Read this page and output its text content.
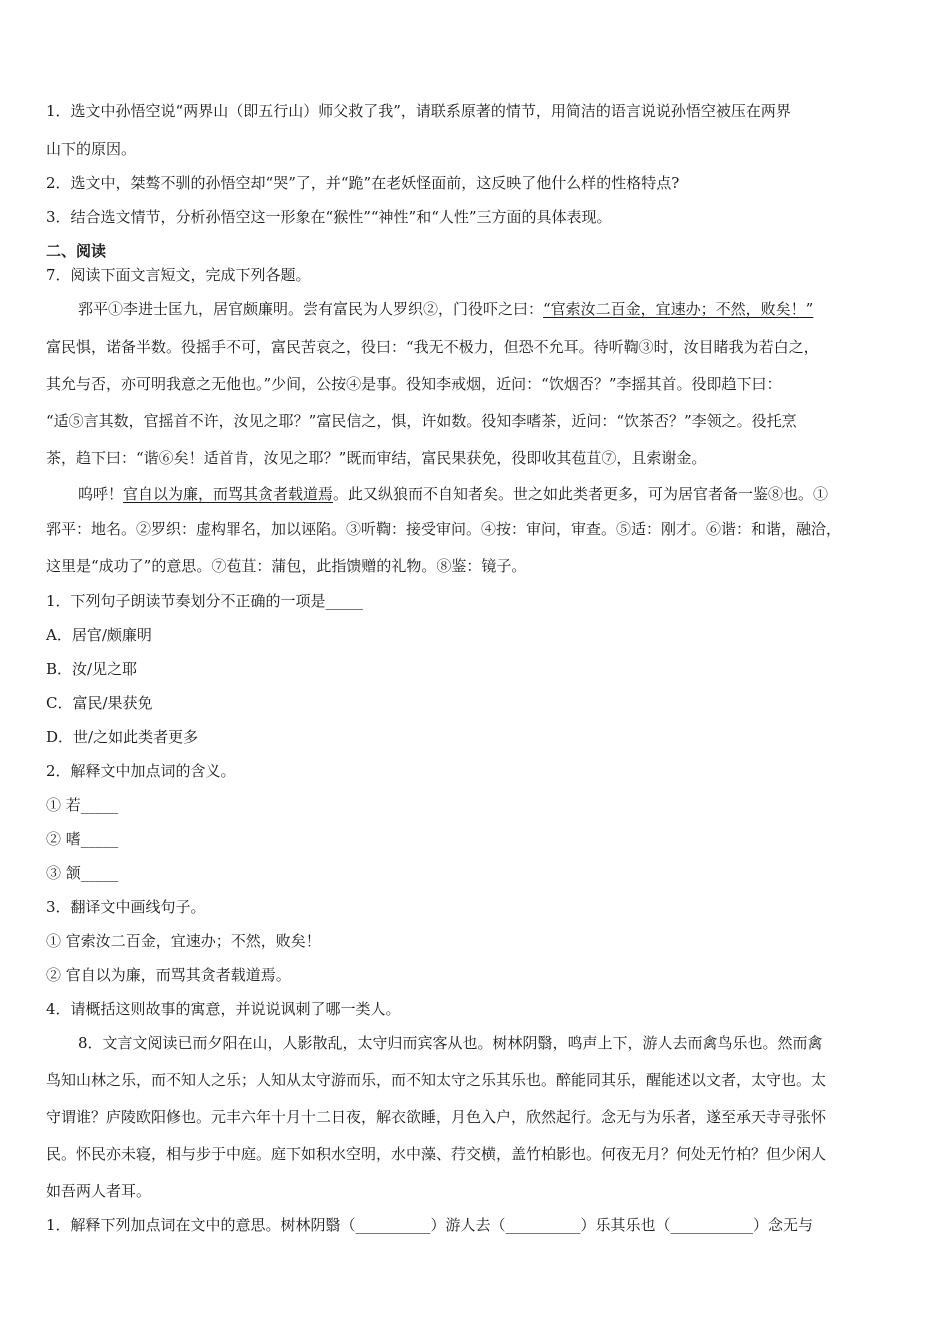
1．选文中孙悟空说“两界山（即五行山）师父救了我”，请联系原著的情节，用简洁的语言说说孙悟空被压在两界
山下的原因。
2．选文中，桀骜不驯的孙悟空却“哭”了，并“跪”在老妖怪面前，这反映了他什么样的性格特点?
3．结合选文情节，分析孙悟空这一形象在“猴性”“神性”和“人性”三方面的具体表现。
二、阅读
7．阅读下面文言短文，完成下列各题。
郛平①李进士匡九，居官颇廉明。尝有富民为人罗织②，门役吓之曰：“官索汝二百金，宜速办；不然，败矣！”
富民惧，诺备半数。役摇手不可，富民苦哀之，役曰：“我无不极力，但恐不允耳。待听鞫③时，汝目睹我为若白之，
其允与否，亦可明我意之无他也。”少间，公按④是事。役知李戒烟，近问：“饮烟否？”李摇其首。役即趋下曰：
“适⑤言其数，官摇首不许，汝见之耶？”富民信之，惧，许如数。役知李嗜茶，近问：“饮茶否？”李领之。役托烹
茶，趋下曰：“谐⑥矣！适首肯，汝见之耶？”既而审结，富民果获免，役即收其苞苴⑦，且索谢金。
呜呼！官自以为廉，而骂其贪者载道焉。此又纵狼而不自知者矣。世之如此类者更多，可为居官者备一鉴⑧也。①
郛平：地名。②罗织：虚构罪名，加以诬陷。③听鞫：接受审问。④按：审问，审查。⑤适：刚才。⑥谐：和谐，融洽，
这里是“成功了”的意思。⑦苞苴：蒲包，此指馈赠的礼物。⑧鉴：镜子。
1．下列句子朗读节奏划分不正确的一项是_____
A．居官/颇廉明
B．汝/见之耶
C．富民/果获免
D．世/之如此类者更多
2．解释文中加点词的含义。
① 若_____
② 嗜_____
③ 颔_____
3．翻译文中画线句子。
① 官索汝二百金，宜速办；不然，败矣！
② 官自以为廉，而骂其贪者载道焉。
4．请概括这则故事的寓意，并说说讽刺了哪一类人。
8．文言文阅读已而夕阳在山，人影散乱，太守归而宾客从也。树林阴翳，鸣声上下，游人去而禽鸟乐也。然而禽
鸟知山林之乐，而不知人之乐；人知从太守游而乐，而不知太守之乐其乐也。醉能同其乐，醒能述以文者，太守也。太
守谓谁？庐陵欧阳修也。元丰六年十月十二日夜，解衣欲睡，月色入户，欣然起行。念无与为乐者，遂至承天寺寻张怀
民。怀民亦未寝，相与步于中庭。庭下如积水空明，水中藻、荇交横，盖竹柏影也。何夜无月？何处无竹柏？但少闲人
如吾两人者耳。
1．解释下列加点词在文中的意思。树林阴翳（__________）游人去（__________）乐其乐也（___________）念无与
